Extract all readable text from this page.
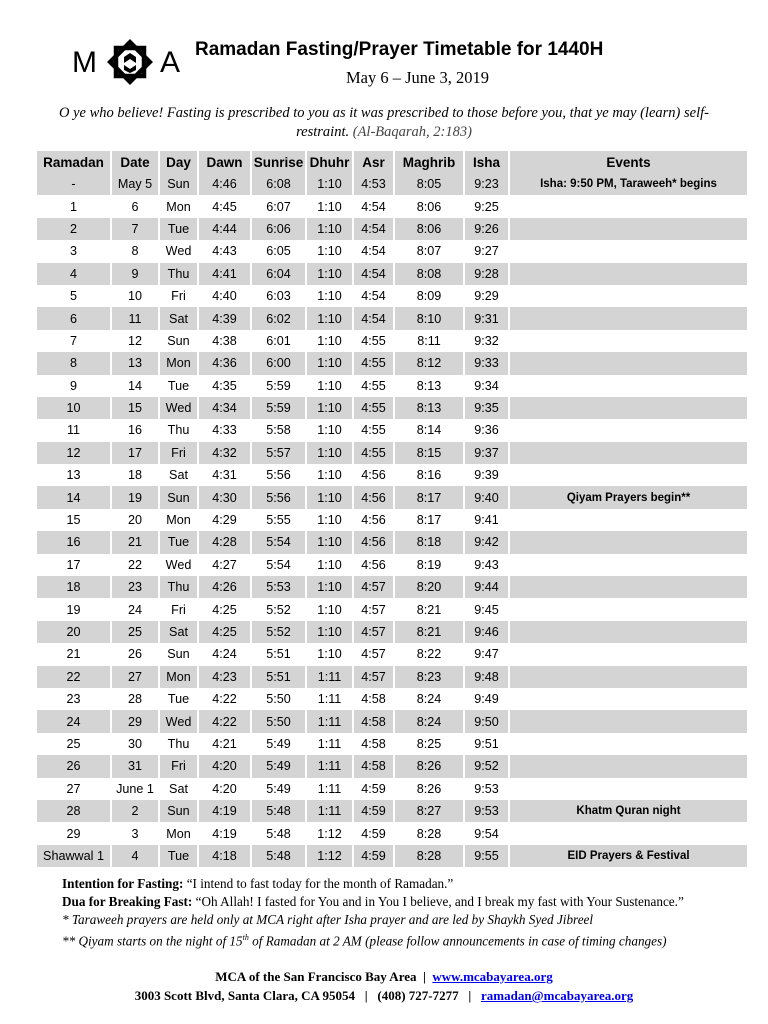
M A Ramadan Fasting/Prayer Timetable for 1440H
May 6 – June 3, 2019
O ye who believe! Fasting is prescribed to you as it was prescribed to those before you, that ye may (learn) self-restraint. (Al-Baqarah, 2:183)
Ramadan	Date	Day	Dawn	Sunrise	Dhuhr	Asr	Maghrib	Isha	Events
-	May 5	Sun	4:46	6:08	1:10	4:53	8:05	9:23	Isha: 9:50 PM, Taraweeh* begins
1	6	Mon	4:45	6:07	1:10	4:54	8:06	9:25	
2	7	Tue	4:44	6:06	1:10	4:54	8:06	9:26	
3	8	Wed	4:43	6:05	1:10	4:54	8:07	9:27	
4	9	Thu	4:41	6:04	1:10	4:54	8:08	9:28	
5	10	Fri	4:40	6:03	1:10	4:54	8:09	9:29	
6	11	Sat	4:39	6:02	1:10	4:54	8:10	9:31	
7	12	Sun	4:38	6:01	1:10	4:55	8:11	9:32	
8	13	Mon	4:36	6:00	1:10	4:55	8:12	9:33	
9	14	Tue	4:35	5:59	1:10	4:55	8:13	9:34	
10	15	Wed	4:34	5:59	1:10	4:55	8:13	9:35	
11	16	Thu	4:33	5:58	1:10	4:55	8:14	9:36	
12	17	Fri	4:32	5:57	1:10	4:55	8:15	9:37	
13	18	Sat	4:31	5:56	1:10	4:56	8:16	9:39	
14	19	Sun	4:30	5:56	1:10	4:56	8:17	9:40	Qiyam Prayers begin**
15	20	Mon	4:29	5:55	1:10	4:56	8:17	9:41	
16	21	Tue	4:28	5:54	1:10	4:56	8:18	9:42	
17	22	Wed	4:27	5:54	1:10	4:56	8:19	9:43	
18	23	Thu	4:26	5:53	1:10	4:57	8:20	9:44	
19	24	Fri	4:25	5:52	1:10	4:57	8:21	9:45	
20	25	Sat	4:25	5:52	1:10	4:57	8:21	9:46	
21	26	Sun	4:24	5:51	1:10	4:57	8:22	9:47	
22	27	Mon	4:23	5:51	1:11	4:57	8:23	9:48	
23	28	Tue	4:22	5:50	1:11	4:58	8:24	9:49	
24	29	Wed	4:22	5:50	1:11	4:58	8:24	9:50	
25	30	Thu	4:21	5:49	1:11	4:58	8:25	9:51	
26	31	Fri	4:20	5:49	1:11	4:58	8:26	9:52	
27	June 1	Sat	4:20	5:49	1:11	4:59	8:26	9:53	
28	2	Sun	4:19	5:48	1:11	4:59	8:27	9:53	Khatm Quran night
29	3	Mon	4:19	5:48	1:12	4:59	8:28	9:54	
Shawwal 1	4	Tue	4:18	5:48	1:12	4:59	8:28	9:55	EID Prayers & Festival
Intention for Fasting: “I intend to fast today for the month of Ramadan.”
Dua for Breaking Fast: “Oh Allah! I fasted for You and in You I believe, and I break my fast with Your Sustenance.”
* Taraweeh prayers are held only at MCA right after Isha prayer and are led by Shaykh Syed Jibreel
** Qiyam starts on the night of 15th of Ramadan at 2 AM (please follow announcements in case of timing changes)
MCA of the San Francisco Bay Area  |  www.mcabayarea.org
3003 Scott Blvd, Santa Clara, CA 95054   |   (408) 727-7277   |   ramadan@mcabayarea.org
